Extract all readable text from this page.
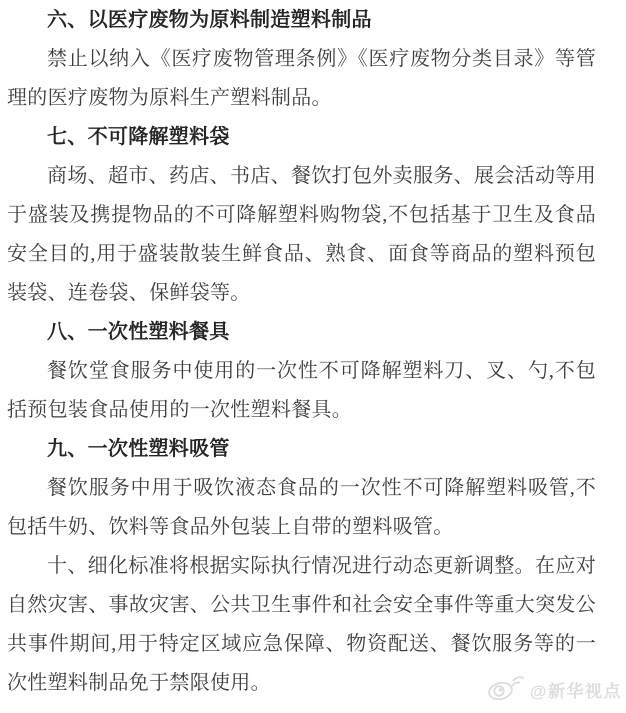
六、以医疗废物为原料制造塑料制品

禁止以纳入《医疗废物管理条例》《医疗废物分类目录》等管理的医疗废物为原料生产塑料制品。

七、不可降解塑料袋

商场、超市、药店、书店、餐饮打包外卖服务、展会活动等用于盛装及携提物品的不可降解塑料购物袋,不包括基于卫生及食品安全目的,用于盛装散装生鲜食品、熟食、面食等商品的塑料预包装袋、连卷袋、保鲜袋等。

八、一次性塑料餐具

餐饮堂食服务中使用的一次性不可降解塑料刀、叉、勺,不包括预包装食品使用的一次性塑料餐具。

九、一次性塑料吸管

餐饮服务中用于吸饮液态食品的一次性不可降解塑料吸管,不包括牛奶、饮料等食品外包装上自带的塑料吸管。

十、细化标准将根据实际执行情况进行动态更新调整。在应对自然灾害、事故灾害、公共卫生事件和社会安全事件等重大突发公共事件期间,用于特定区域应急保障、物资配送、餐饮服务等的一次性塑料制品免于禁限使用。	@新华视点
